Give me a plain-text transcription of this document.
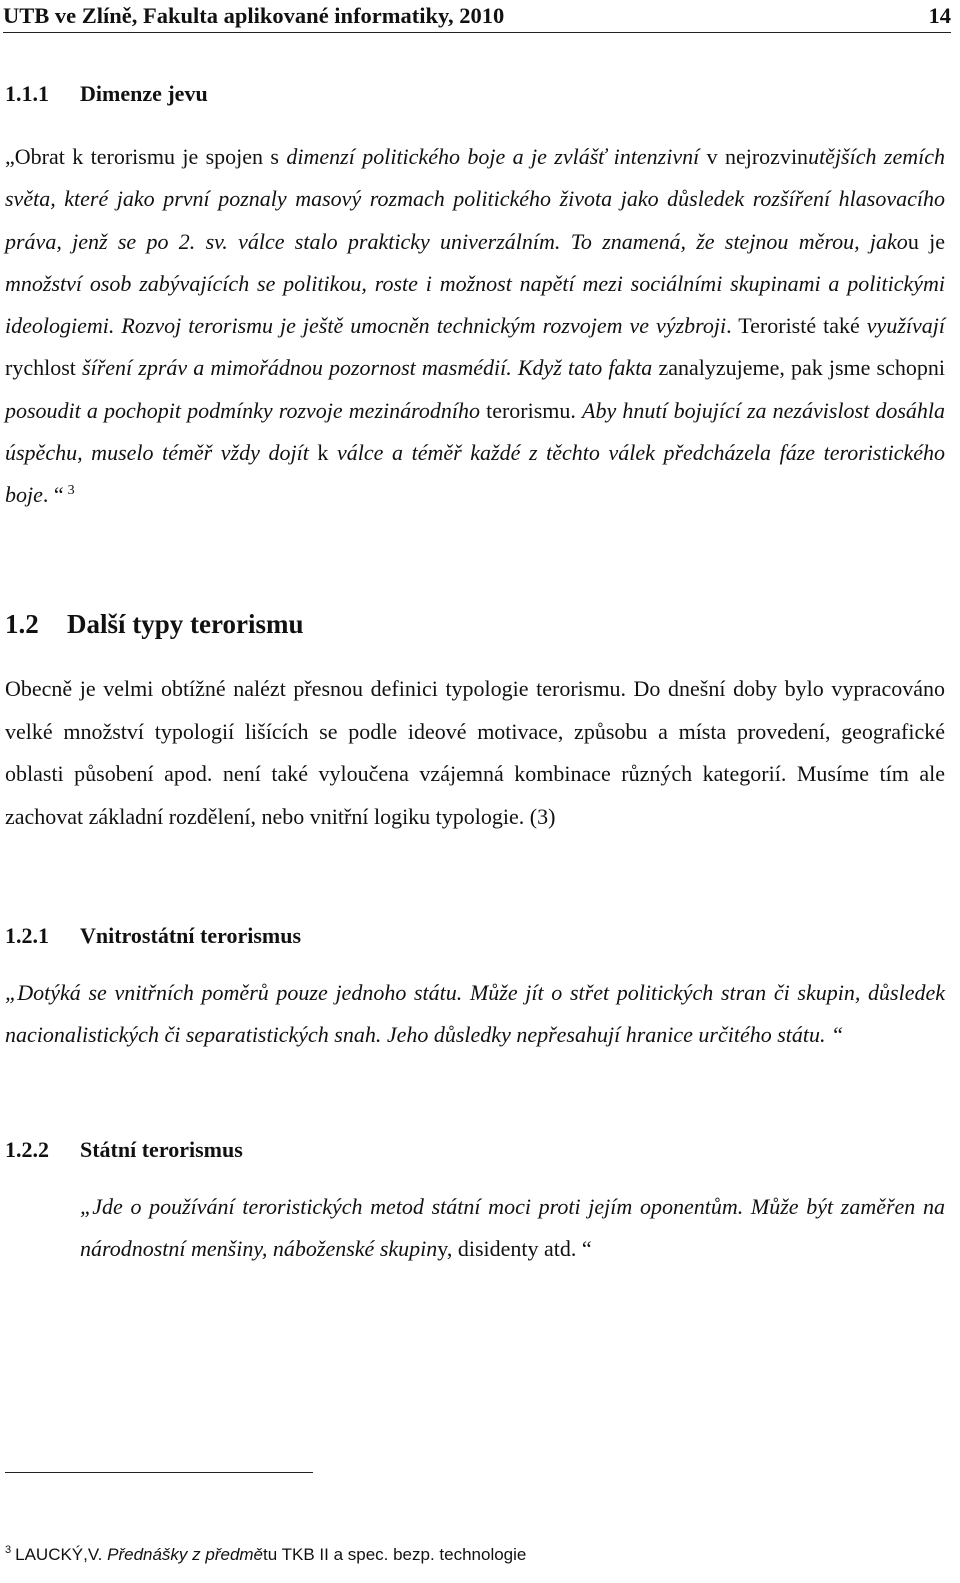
UTB ve Zlíně, Fakulta aplikované informatiky, 2010	14
1.1.1 Dimenze jevu
„Obrat k terorismu je spojen s dimenzí politického boje a je zvlášť intenzivní v nejrozvinutějších zemích světa, které jako první poznaly masový rozmach politického života jako důsledek rozšíření hlasovacího práva, jenž se po 2. sv. válce stalo prakticky univerzálním. To znamená, že stejnou měrou, jakou je množství osob zabývajících se politikou, roste i možnost napětí mezi sociálními skupinami a politickými ideologiemi. Rozvoj terorismu je ještě umocněn technickým rozvojem ve výzbroji. Teroristé také využívají rychlost šíření zpráv a mimořádnou pozornost masmédií. Když tato fakta zanalyzujeme, pak jsme schopni posoudit a pochopit podmínky rozvoje mezinárodního terorismu. Aby hnutí bojující za nezávislost dosáhla úspěchu, muselo téměř vždy dojít k válce a téměř každé z těchto válek předcházela fáze teroristického boje. “ $^3$
1.2 Další typy terorismu
Obecně je velmi obtížné nalézt přesnou definici typologie terorismu. Do dnešní doby bylo vypracováno velké množství typologií lišících se podle ideové motivace, způsobu a místa provedení, geografické oblasti působení apod. není také vyloučena vzájemná kombinace různých kategorií. Musíme tím ale zachovat základní rozdělení, nebo vnitřní logiku typologie. (3)
1.2.1 Vnitrostátní terorismus
„Dotýká se vnitřních poměrů pouze jednoho státu. Může jít o střet politických stran či skupin, důsledek nacionalistických či separatistických snah. Jeho důsledky nepřesahují hranice určitého státu. “
1.2.2 Státní terorismus
„Jde o používání teroristických metod státní moci proti jejím oponentům. Může být zaměřen na národnostní menšiny, náboženské skupiny, disidenty atd. “
$^3$ LAUCKÝ,V. Přednášky z předmětu TKB II a spec. bezp. technologie
